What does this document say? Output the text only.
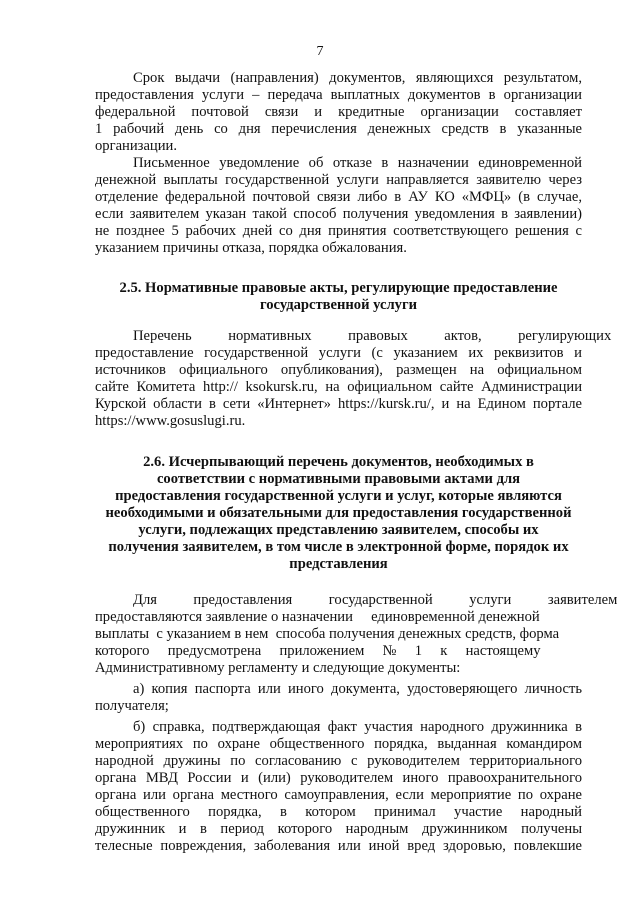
7
Срок выдачи (направления) документов, являющихся результатом,
предоставления услуги – передача выплатных документов в организации
федеральной почтовой связи и кредитные организации составляет
1 рабочий день со дня перечисления денежных средств в указанные
организации.
Письменное уведомление об отказе в назначении единовременной
денежной выплаты государственной услуги направляется заявителю через
отделение федеральной почтовой связи либо в АУ КО «МФЦ» (в случае,
если заявителем указан такой способ получения уведомления в заявлении)
не позднее 5 рабочих дней со дня принятия соответствующего решения с
указанием причины отказа, порядка обжалования.
2.5. Нормативные правовые акты, регулирующие предоставление
государственной услуги
Перечень          нормативных          правовых          актов,          регулирующих
предоставление государственной услуги (с указанием их реквизитов и
источников официального опубликования), размещен на официальном
сайте Комитета http:// ksokursk.ru, на официальном сайте Администрации
Курской области в сети «Интернет» https://kursk.ru/, и на Едином портале
https://www.gosuslugi.ru.
2.6. Исчерпывающий перечень документов, необходимых в
соответствии с нормативными правовыми актами для
предоставления государственной услуги и услуг, которые являются
необходимыми и обязательными для предоставления государственной
услуги, подлежащих представлению заявителем, способы их
получения заявителем, в том числе в электронной форме, порядок их
представления
Для          предоставления          государственной          услуги          заявителем
предоставляются заявление о назначении     единовременной денежной
выплаты  с указанием в нем  способа получения денежных средств, форма
которого     предусмотрена     приложением     №     1     к     настоящему
Административному регламенту и следующие документы:
а) копия паспорта или иного документа, удостоверяющего личность
получателя;
б) справка, подтверждающая факт участия народного дружинника в
мероприятиях по охране общественного порядка, выданная командиром
народной дружины по согласованию с руководителем территориального
органа МВД России и (или) руководителем иного правоохранительного
органа или органа местного самоуправления, если мероприятие по охране
общественного  порядка,  в  котором  принимал  участие  народный
дружинник и в период которого народным дружинником получены
телесные повреждения, заболевания или иной вред здоровью, повлекшие
